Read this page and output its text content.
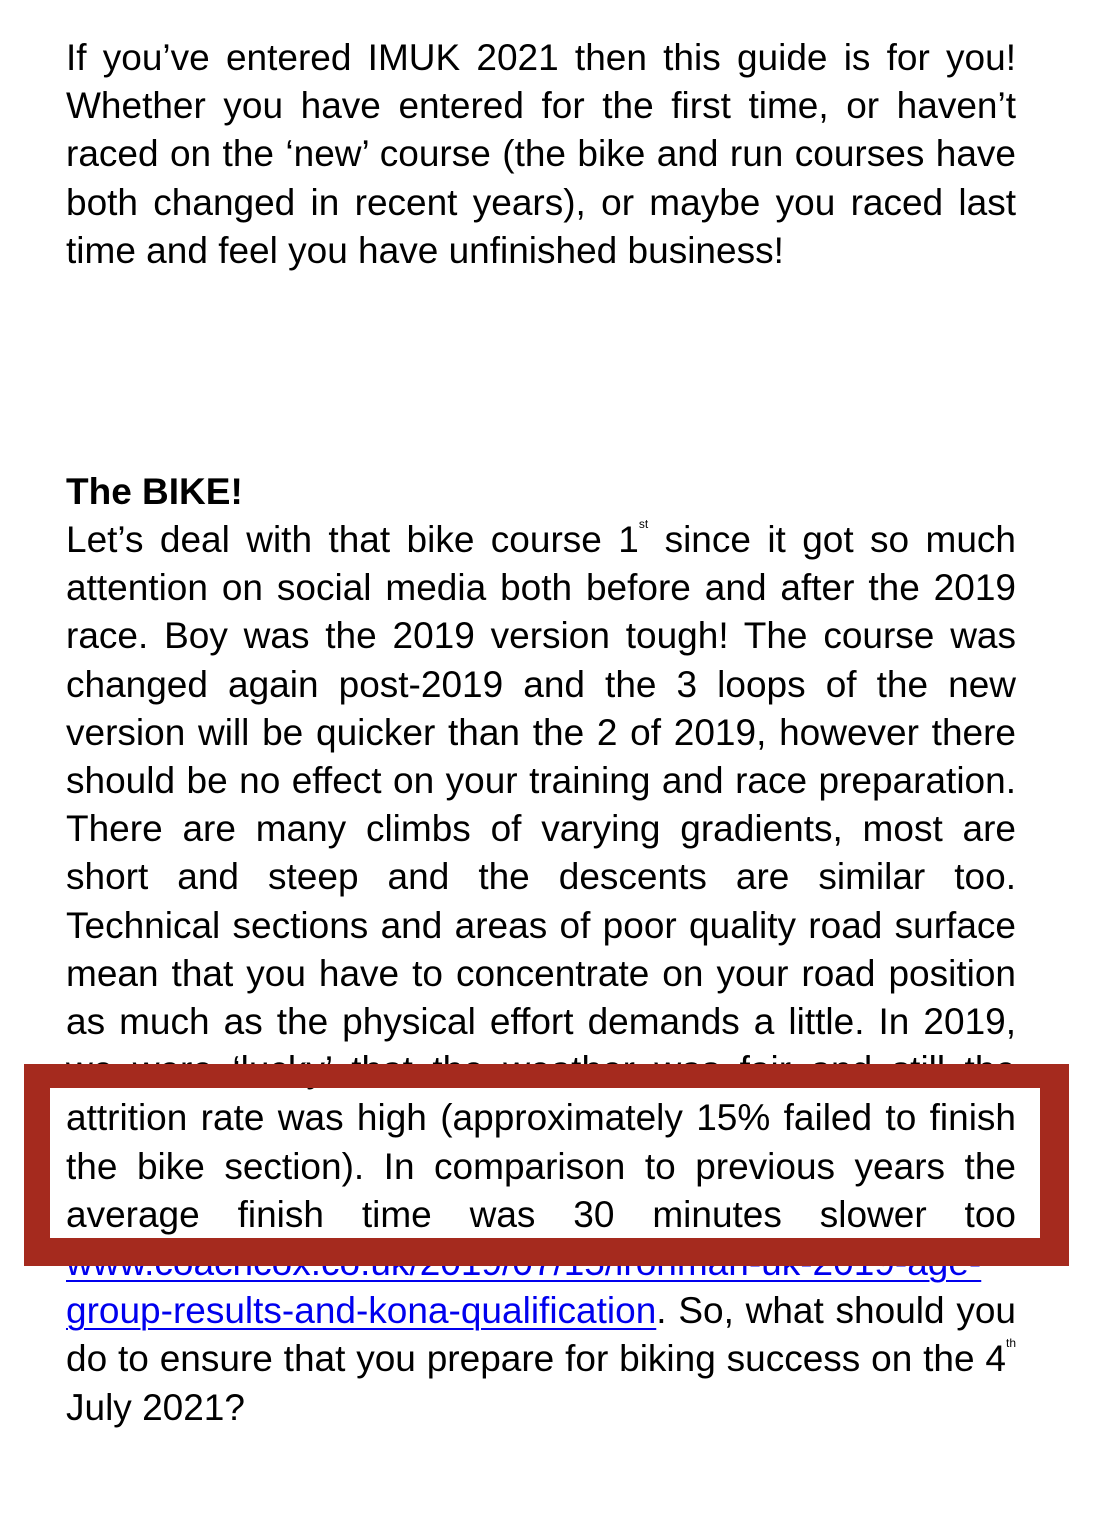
If you’ve entered IMUK 2021 then this guide is for you! Whether you have entered for the first time, or haven’t raced on the ‘new’ course (the bike and run courses have both changed in recent years), or maybe you raced last time and feel you have unfinished business!

The BIKE!

Let’s deal with that bike course 1st since it got so much attention on social media both before and after the 2019 race. Boy was the 2019 version tough! The course was changed again post-2019 and the 3 loops of the new version will be quicker than the 2 of 2019, however there should be no effect on your training and race preparation. There are many climbs of varying gradients, most are short and steep and the descents are similar too. Technical sections and areas of poor quality road surface mean that you have to concentrate on your road position as much as the physical effort demands a little. In 2019, we were ‘lucky’ that the weather was fair and still the attrition rate was high (approximately 15% failed to finish the bike section). In comparison to previous years the average finish time was 30 minutes slower too www.coachcox.co.uk/2019/07/15/ironman-uk-2019-age-group-results-and-kona-qualification. So, what should you do to ensure that you prepare for biking success on the 4th July 2021?
